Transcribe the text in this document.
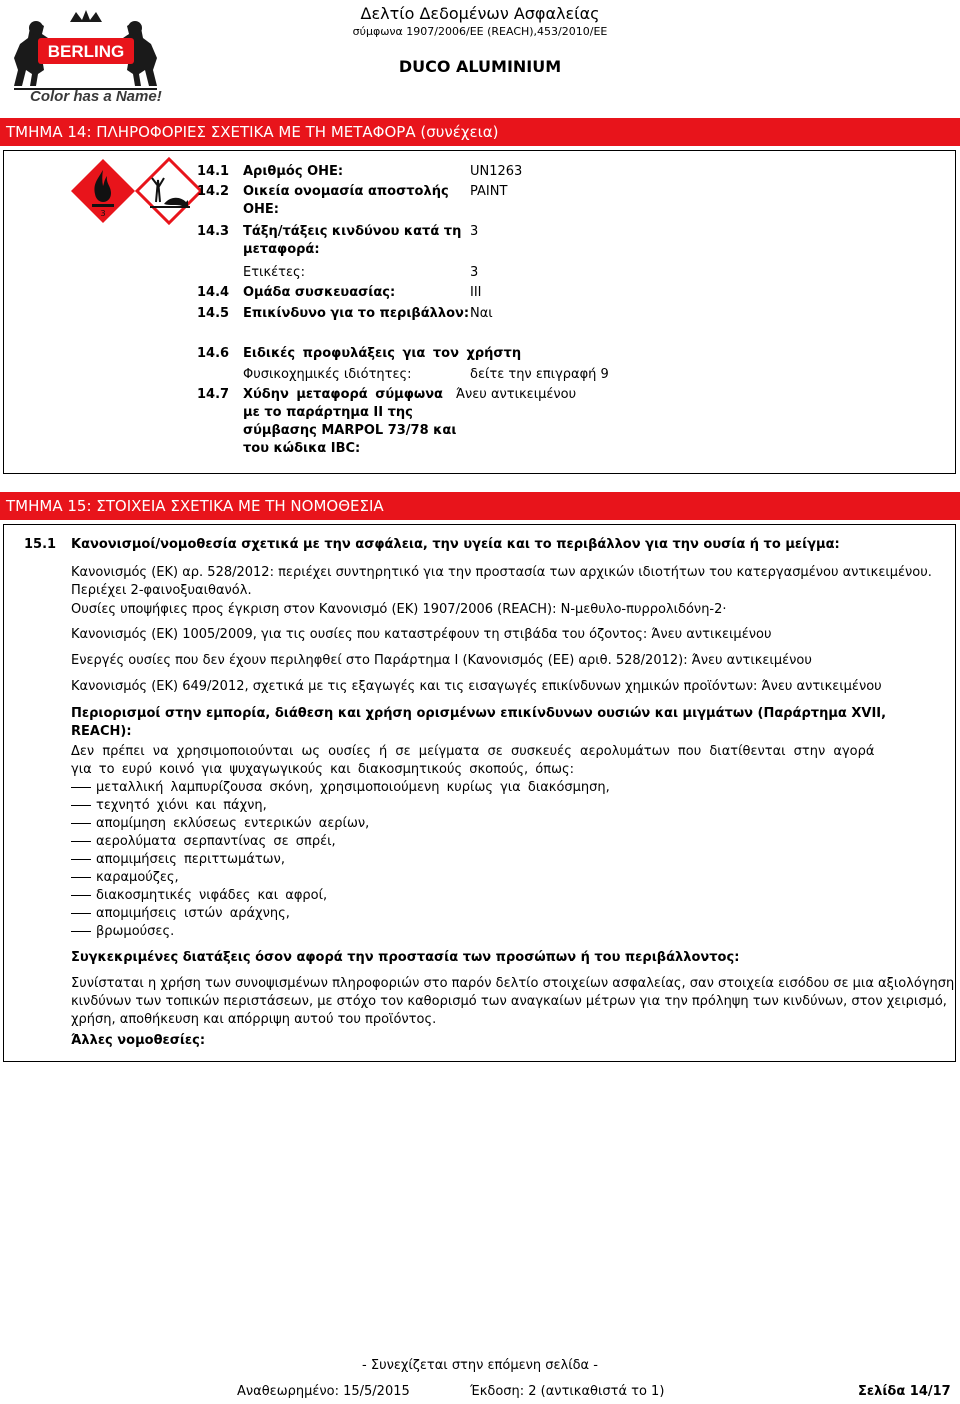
BERLING
Color has a Name!
Δελτίο Δεδομένων Ασφαλείας
σύμφωνα 1907/2006/ΕΕ (REACH),453/2010/ΕΕ
DUCO ALUMINIUM
ΤΜΗΜΑ 14: ΠΛΗΡΟΦΟΡΙΕΣ ΣΧΕΤΙΚΑ ΜΕ ΤΗ ΜΕΤΑΦΟΡΑ (συνέχεια)
3
14.1 Αριθμός ΟΗΕ:	UN1263
14.2 Οικεία ονομασία αποστολής
ΟΗΕ:
PAINT
14.3 Τάξη/τάξεις κινδύνου κατά τη
μεταφορά:
3
Ετικέτες:	3
14.4 Ομάδα συσκευασίας:	III
14.5 Επικίνδυνο για το περιβάλλον: Ναι
14.6 Ειδικές προφυλάξεις για τον χρήστη
Φυσικοχημικές ιδιότητες:	δείτε την επιγραφή 9
14.7 Χύδην μεταφορά σύμφωνα
με το παράρτημα II της
σύμβασης MARPOL 73/78 και
του κώδικα IBC:
Άνευ αντικειμένου
ΤΜΗΜΑ 15: ΣΤΟΙΧΕΙΑ ΣΧΕΤΙΚΑ ΜΕ ΤΗ ΝΟΜΟΘΕΣΙΑ
15.1 Κανονισμοί/νομοθεσία σχετικά με την ασφάλεια, την υγεία και το περιβάλλον για την ουσία ή το μείγμα:
Κανονισμός (ΕΚ) αρ. 528/2012: περιέχει συντηρητικό για την προστασία των αρχικών ιδιοτήτων του κατεργασμένου αντικειμένου.
Περιέχει 2-φαινοξυαιθανόλ.
Ουσίες υποψήφιες προς έγκριση στον Κανονισμό (ΕΚ) 1907/2006 (REACH): N-μεθυλο-πυρρολιδόνη-2·
Κανονισμός (ΕΚ) 1005/2009, για τις ουσίες που καταστρέφουν τη στιβάδα του όζοντος: Άνευ αντικειμένου
Ενεργές ουσίες που δεν έχουν περιληφθεί στο Παράρτημα I (Κανονισμός (ΕΕ) αριθ. 528/2012): Άνευ αντικειμένου
Κανονισμός (ΕΚ) 649/2012, σχετικά με τις εξαγωγές και τις εισαγωγές επικίνδυνων χημικών προϊόντων: Άνευ αντικειμένου
Περιορισμοί στην εμπορία, διάθεση και χρήση ορισμένων επικίνδυνων ουσιών και μιγμάτων (Παράρτημα XVII,
REACH):
Δεν πρέπει να χρησιμοποιούνται ως ουσίες ή σε μείγματα σε συσκευές αερολυμάτων που διατίθενται στην αγορά
για το ευρύ κοινό για ψυχαγωγικούς και διακοσμητικούς σκοπούς, όπως:
μεταλλική λαμπυρίζουσα σκόνη, χρησιμοποιούμενη κυρίως για διακόσμηση,
τεχνητό χιόνι και πάχνη,
απομίμηση εκλύσεως εντερικών αερίων,
αερολύματα σερπαντίνας σε σπρέι,
απομιμήσεις περιττωμάτων,
καραμούζες,
διακοσμητικές νιφάδες και αφροί,
απομιμήσεις ιστών αράχνης,
βρωμούσες.
Συγκεκριμένες διατάξεις όσον αφορά την προστασία των προσώπων ή του περιβάλλοντος:
Συνίσταται η χρήση των συνοψισμένων πληροφοριών στο παρόν δελτίο στοιχείων ασφαλείας, σαν στοιχεία εισόδου σε μια αξιολόγηση
κινδύνων των τοπικών περιστάσεων, με στόχο τον καθορισμό των αναγκαίων μέτρων για την πρόληψη των κινδύνων, στον χειρισμό,
χρήση, αποθήκευση και απόρριψη αυτού του προϊόντος.
Άλλες νομοθεσίες:
- Συνεχίζεται στην επόμενη σελίδα -
Αναθεωρημένο: 15/5/2015	Έκδοση: 2 (αντικαθιστά το 1)	Σελίδα 14/17
